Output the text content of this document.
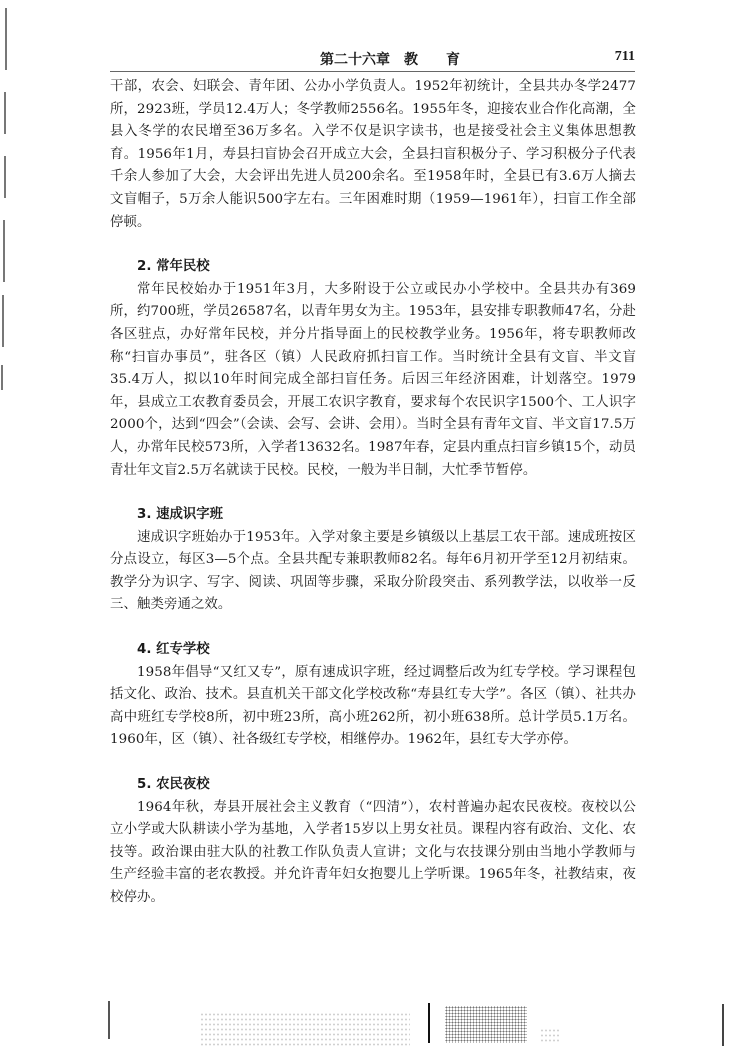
第二十六章　教　　育	711

干部，农会、妇联会、青年团、公办小学负责人。1952年初统计，全县共办冬学2477所，2923班，学员12.4万人；冬学教师2556名。1955年冬，迎接农业合作化高潮，全县入冬学的农民增至36万多名。入学不仅是识字读书，也是接受社会主义集体思想教育。1956年1月，寿县扫盲协会召开成立大会，全县扫盲积极分子、学习积极分子代表千余人参加了大会，大会评出先进人员200余名。至1958年时，全县已有3.6万人摘去文盲帽子，5万余人能识500字左右。三年困难时期（1959—1961年），扫盲工作全部停顿。

2. 常年民校

常年民校始办于1951年3月，大多附设于公立或民办小学校中。全县共办有369所，约700班，学员26587名，以青年男女为主。1953年，县安排专职教师47名，分赴各区驻点，办好常年民校，并分片指导面上的民校教学业务。1956年，将专职教师改称“扫盲办事员”，驻各区（镇）人民政府抓扫盲工作。当时统计全县有文盲、半文盲35.4万人，拟以10年时间完成全部扫盲任务。后因三年经济困难，计划落空。1979年，县成立工农教育委员会，开展工农识字教育，要求每个农民识字1500个、工人识字2000个，达到“四会”（会读、会写、会讲、会用）。当时全县有青年文盲、半文盲17.5万人，办常年民校573所，入学者13632名。1987年春，定县内重点扫盲乡镇15个，动员青壮年文盲2.5万名就读于民校。民校，一般为半日制，大忙季节暂停。

3. 速成识字班

速成识字班始办于1953年。入学对象主要是乡镇级以上基层工农干部。速成班按区分点设立，每区3—5个点。全县共配专兼职教师82名。每年6月初开学至12月初结束。教学分为识字、写字、阅读、巩固等步骤，采取分阶段突击、系列教学法，以收举一反三、触类旁通之效。

4. 红专学校

1958年倡导“又红又专”，原有速成识字班，经过调整后改为红专学校。学习课程包括文化、政治、技术。县直机关干部文化学校改称“寿县红专大学”。各区（镇）、社共办高中班红专学校8所，初中班23所，高小班262所，初小班638所。总计学员5.1万名。1960年，区（镇）、社各级红专学校，相继停办。1962年，县红专大学亦停。

5. 农民夜校

1964年秋，寿县开展社会主义教育（“四清”），农村普遍办起农民夜校。夜校以公立小学或大队耕读小学为基地，入学者15岁以上男女社员。课程内容有政治、文化、农技等。政治课由驻大队的社教工作队负责人宣讲；文化与农技课分别由当地小学教师与生产经验丰富的老农教授。并允许青年妇女抱婴儿上学听课。1965年冬，社教结束，夜校停办。
